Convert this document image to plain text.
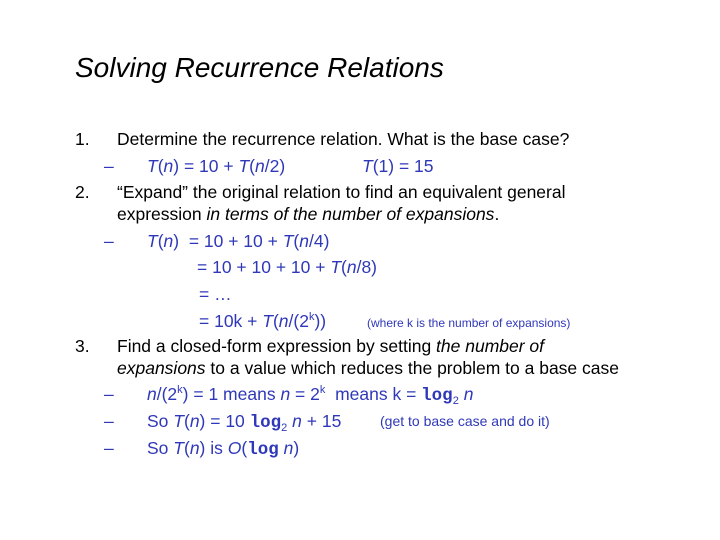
Solving Recurrence Relations
1. Determine the recurrence relation. What is the base case?
– T(n) = 10 + T(n/2)	T(1) = 15
2. “Expand” the original relation to find an equivalent general
expression in terms of the number of expansions.
– T(n)  = 10 + 10 + T(n/4)
= 10 + 10 + 10 + T(n/8)
= …
= $10k + T(n/(2^k))$	(where k is the number of expansions)
3. Find a closed-form expression by setting the number of
expansions to a value which reduces the problem to a base case
– $n/(2^k) = 1$ means $n = 2^k$  means $k = \log_2 n$
– So T(n) = 10 $\log_2 n + 15$	(get to base case and do it)
– So T(n) is O(log n)
